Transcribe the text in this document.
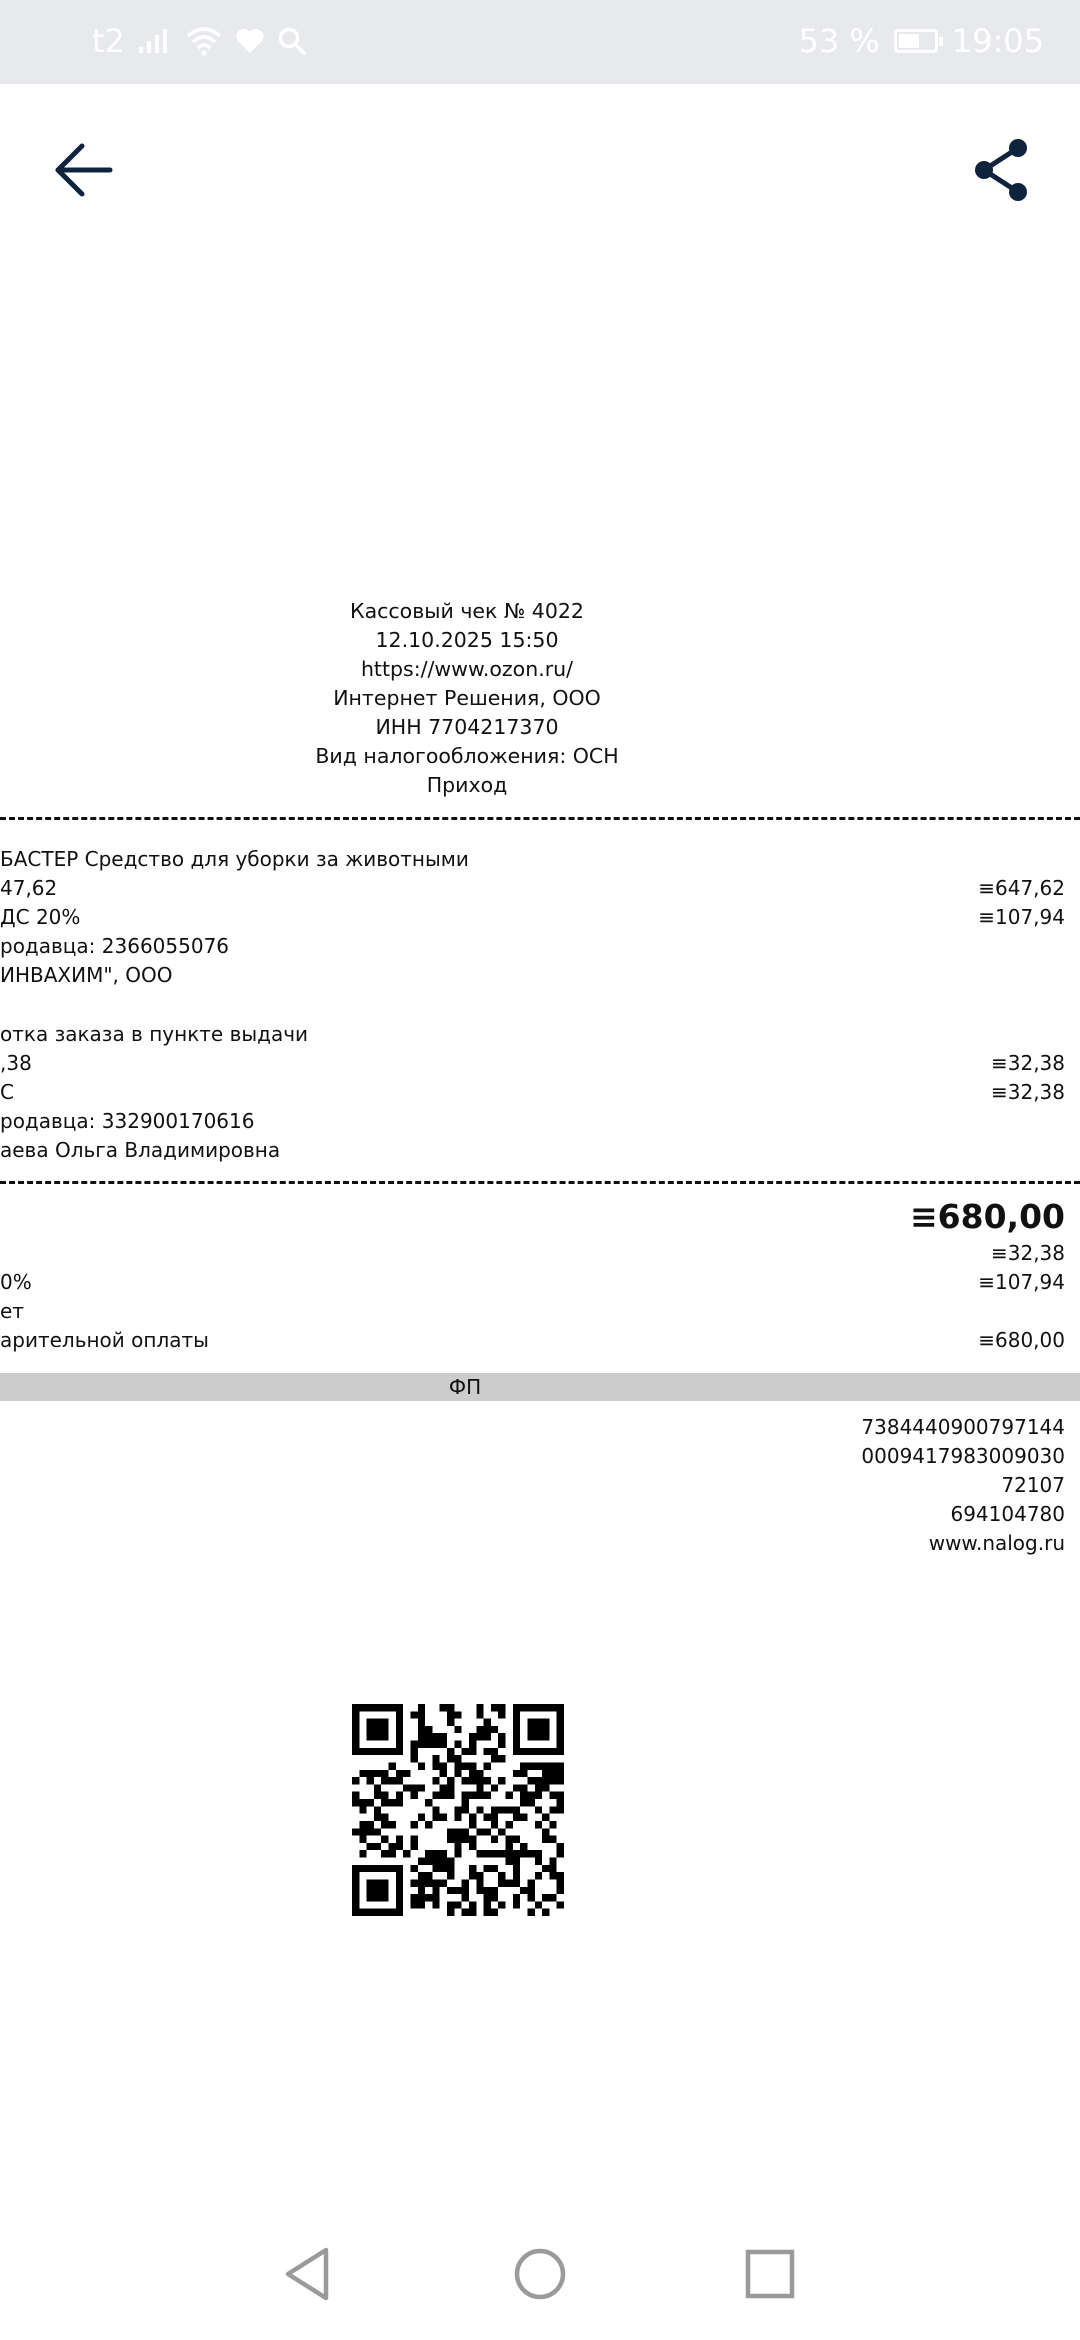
t2	53 % 19:05
Кассовый чек № 4022
12.10.2025 15:50
https://www.ozon.ru/
Интернет Решения, ООО
ИНН 7704217370
Вид налогообложения: ОСН
Приход
БАСТЕР Средство для уборки за животными
47,62	≡647,62
ДС 20%	≡107,94
родавца: 2366055076
ИНВАХИМ", ООО
отка заказа в пункте выдачи
,38	≡32,38
С	≡32,38
родавца: 332900170616
аева Ольга Владимировна
≡680,00
≡32,38
0%	≡107,94
ет
арительной оплаты	≡680,00
ФП
7384440900797144
0009417983009030
72107
694104780
www.nalog.ru
